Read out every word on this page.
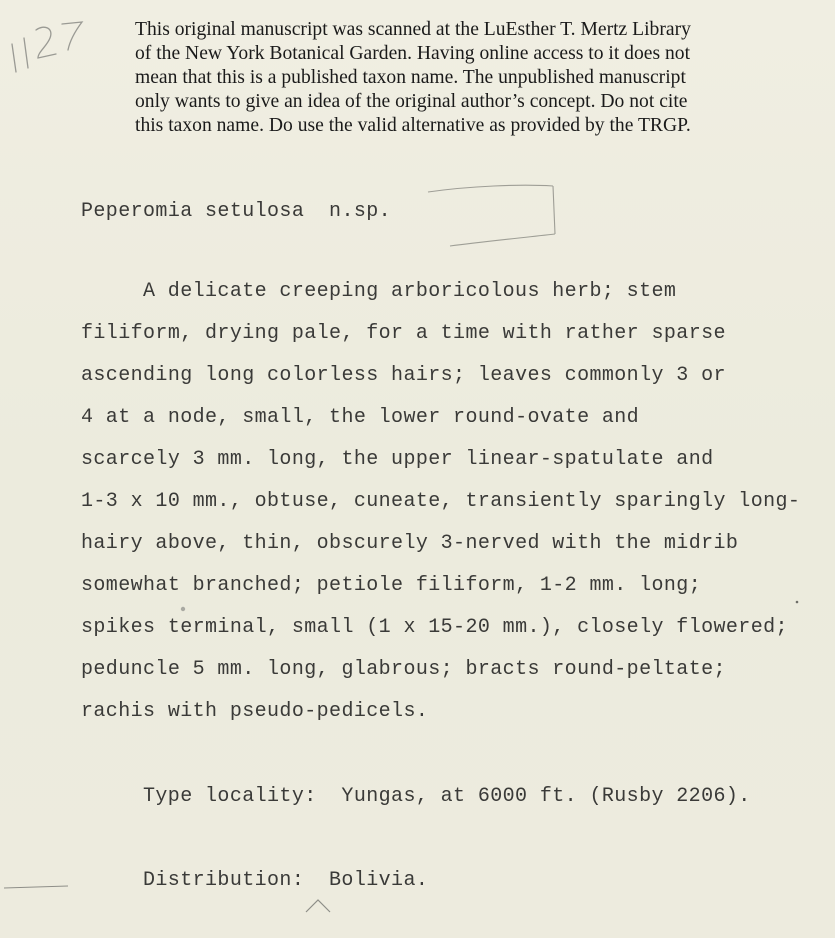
This original manuscript was scanned at the LuEsther T. Mertz Library
of the New York Botanical Garden. Having online access to it does not
mean that this is a published taxon name. The unpublished manuscript
only wants to give an idea of the original author’s concept. Do not cite
this taxon name. Do use the valid alternative as provided by the TRGP.
Peperomia setulosa  n.sp.
A delicate creeping arboricolous herb; stem
filiform, drying pale, for a time with rather sparse
ascending long colorless hairs; leaves commonly 3 or
4 at a node, small, the lower round-ovate and
scarcely 3 mm. long, the upper linear-spatulate and
1-3 x 10 mm., obtuse, cuneate, transiently sparingly long-
hairy above, thin, obscurely 3-nerved with the midrib
somewhat branched; petiole filiform, 1-2 mm. long;
spikes terminal, small (1 x 15-20 mm.), closely flowered;
peduncle 5 mm. long, glabrous; bracts round-peltate;
rachis with pseudo-pedicels.
Type locality:  Yungas, at 6000 ft. (Rusby 2206).
Distribution:  Bolivia.
